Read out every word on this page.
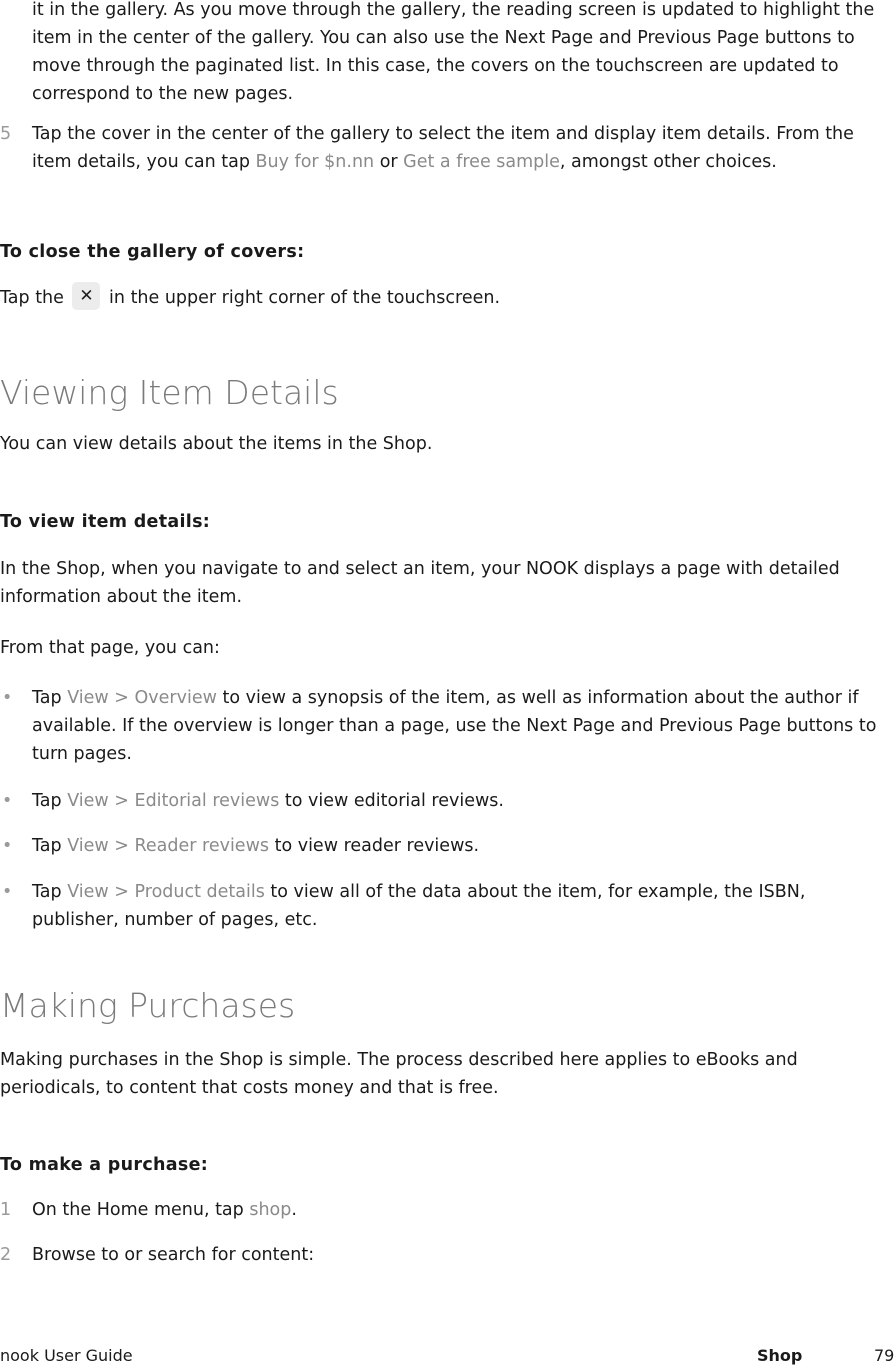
it in the gallery. As you move through the gallery, the reading screen is updated to highlight the item in the center of the gallery. You can also use the Next Page and Previous Page buttons to move through the paginated list. In this case, the covers on the touchscreen are updated to correspond to the new pages.

5 Tap the cover in the center of the gallery to select the item and display item details. From the item details, you can tap Buy for $n.nn or Get a free sample, amongst other choices.

To close the gallery of covers:

Tap the ✕ in the upper right corner of the touchscreen.

Viewing Item Details

You can view details about the items in the Shop.

To view item details:

In the Shop, when you navigate to and select an item, your NOOK displays a page with detailed information about the item.

From that page, you can:

• Tap View > Overview to view a synopsis of the item, as well as information about the author if available. If the overview is longer than a page, use the Next Page and Previous Page buttons to turn pages.

• Tap View > Editorial reviews to view editorial reviews.

• Tap View > Reader reviews to view reader reviews.

• Tap View > Product details to view all of the data about the item, for example, the ISBN, publisher, number of pages, etc.

Making Purchases

Making purchases in the Shop is simple. The process described here applies to eBooks and periodicals, to content that costs money and that is free.

To make a purchase:

1 On the Home menu, tap shop.

2 Browse to or search for content:

nook User Guide	Shop	79
